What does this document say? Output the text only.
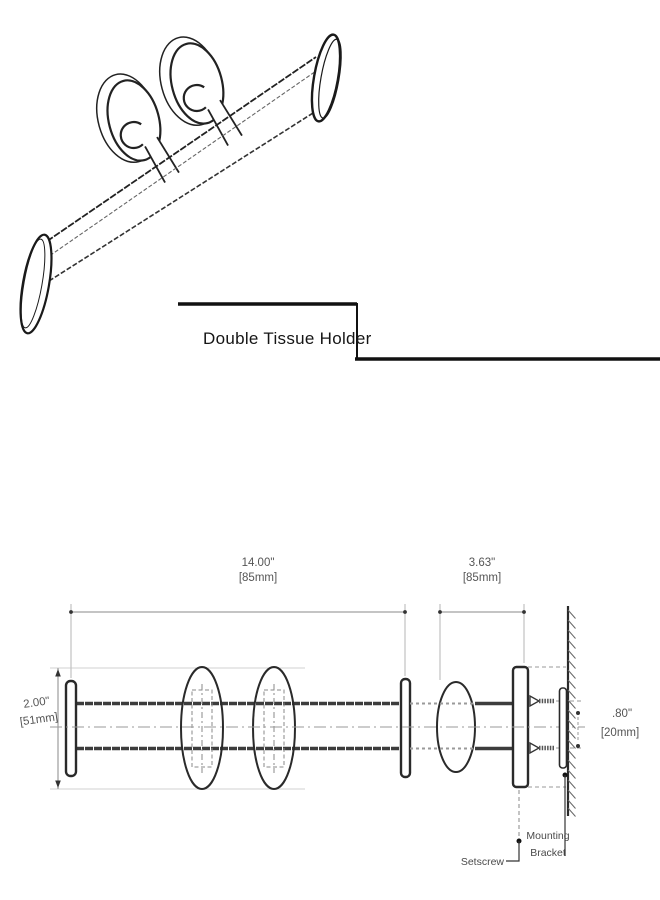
Double Tissue Holder
14.00"
[85mm]
3.63"
[85mm]
2.00"
[51mm]	.80"
[20mm]
Setscrew
Mounting
Bracket
